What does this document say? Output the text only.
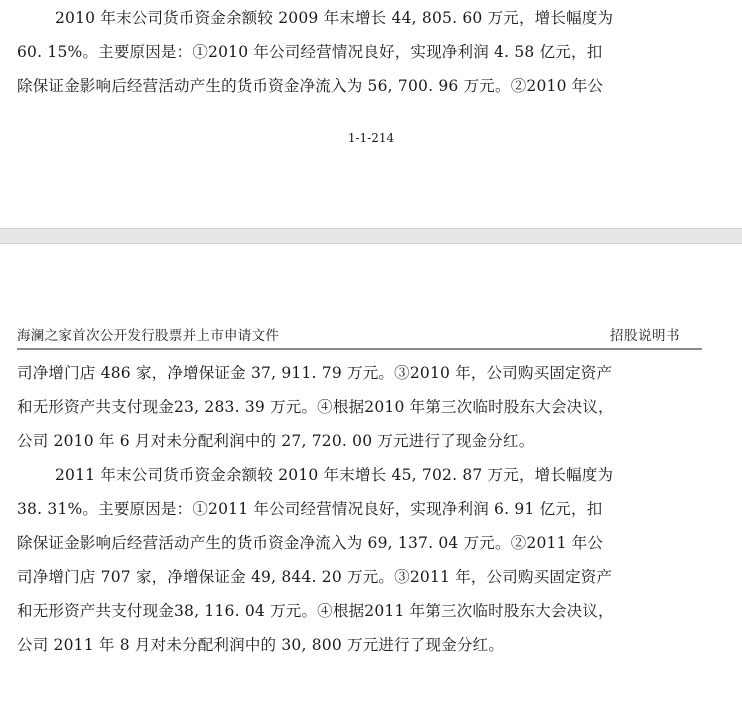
2010 年末公司货币资金余额较 2009 年末增长 44, 805. 60 万元，增长幅度为
60. 15%。主要原因是：①2010 年公司经营情况良好，实现净利润 4. 58 亿元，扣
除保证金影响后经营活动产生的货币资金净流入为 56, 700. 96 万元。②2010 年公
1-1-214
海澜之家首次公开发行股票并上市申请文件	招股说明书
司净增门店 486 家，净增保证金 37, 911. 79 万元。③2010 年，公司购买固定资产
和无形资产共支付现金23, 283. 39 万元。④根据2010 年第三次临时股东大会决议，
公司 2010 年 6 月对未分配利润中的 27, 720. 00 万元进行了现金分红。
2011 年末公司货币资金余额较 2010 年末增长 45, 702. 87 万元，增长幅度为
38. 31%。主要原因是：①2011 年公司经营情况良好，实现净利润 6. 91 亿元，扣
除保证金影响后经营活动产生的货币资金净流入为 69, 137. 04 万元。②2011 年公
司净增门店 707 家，净增保证金 49, 844. 20 万元。③2011 年，公司购买固定资产
和无形资产共支付现金38, 116. 04 万元。④根据2011 年第三次临时股东大会决议，
公司 2011 年 8 月对未分配利润中的 30, 800 万元进行了现金分红。
